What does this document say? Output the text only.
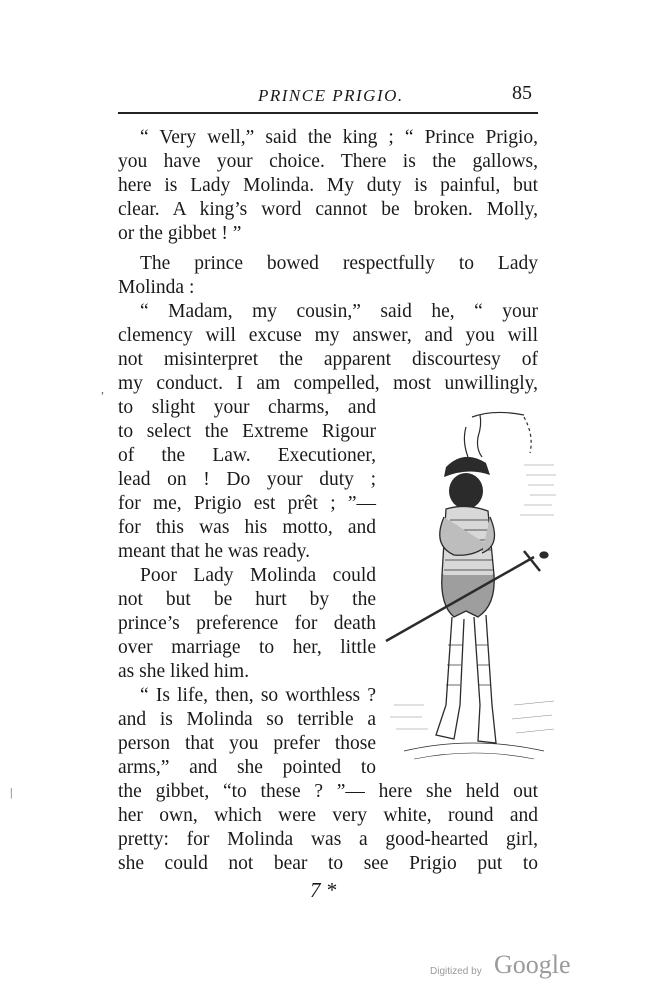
PRINCE PRIGIO.	85
“ Very well,” said the king ; “ Prince Prigio,
you have your choice. There is the gallows,
here is Lady Molinda. My duty is painful, but
clear. A king’s word cannot be broken. Molly,
or the gibbet ! ”
The prince bowed respectfully to Lady
Molinda :
“ Madam, my cousin,” said he, “ your
clemency will excuse my answer, and you will
not misinterpret the apparent discourtesy of
my conduct. I am compelled, most unwillingly,
to slight your charms, and
to select the Extreme Rigour
of the Law. Executioner,
lead on ! Do your duty ;
for me, Prigio est prêt ; ”—
for this was his motto, and
meant that he was ready.
Poor Lady Molinda could
not but be hurt by the
prince’s preference for death
over marriage to her, little
as she liked him.
“ Is life, then, so worthless ?
and is Molinda so terrible a
person that you prefer those
arms,” and she pointed to
the gibbet, “to these ? ”— here she held out
her own, which were very white, round and
pretty: for Molinda was a good-hearted girl,
she could not bear to see Prigio put to
,
|
7 *
Digitized by Google
